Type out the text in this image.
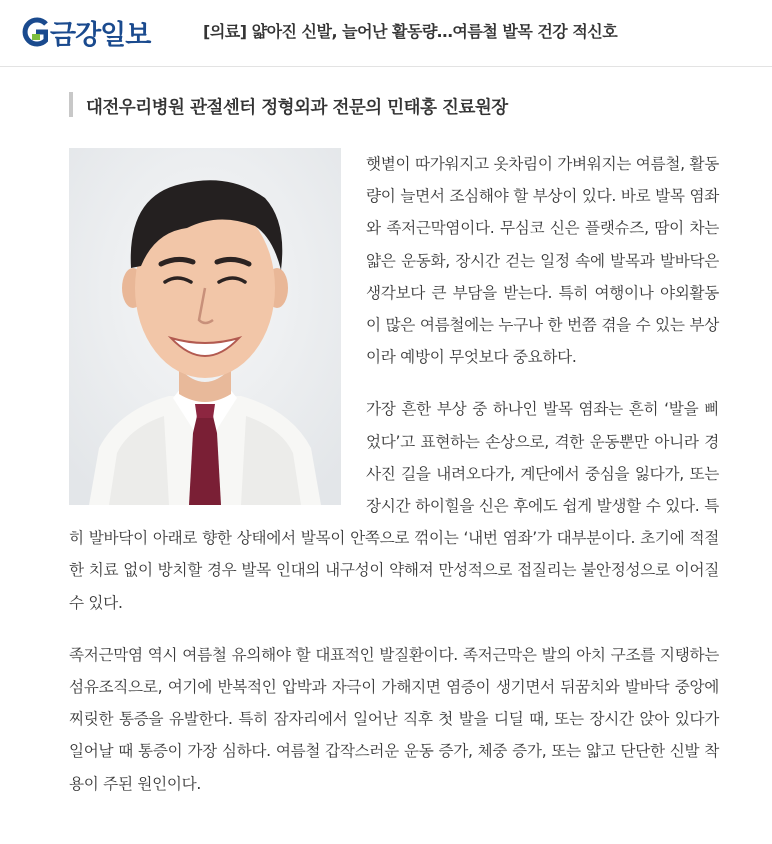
금강일보	[의료] 얇아진 신발, 늘어난 활동량…여름철 발목 건강 적신호
대전우리병원 관절센터 정형외과 전문의 민태홍 진료원장

햇볕이 따가워지고 옷차림이 가벼워지는 여름철, 활동량이 늘면서 조심해야 할 부상이 있다. 바로 발목 염좌와 족저근막염이다. 무심코 신은 플랫슈즈, 땀이 차는 얇은 운동화, 장시간 걷는 일정 속에 발목과 발바닥은 생각보다 큰 부담을 받는다. 특히 여행이나 야외활동이 많은 여름철에는 누구나 한 번쯤 겪을 수 있는 부상이라 예방이 무엇보다 중요하다.

가장 흔한 부상 중 하나인 발목 염좌는 흔히 ‘발을 삐었다’고 표현하는 손상으로, 격한 운동뿐만 아니라 경사진 길을 내려오다가, 계단에서 중심을 잃다가, 또는 장시간 하이힐을 신은 후에도 쉽게 발생할 수 있다. 특히 발바닥이 아래로 향한 상태에서 발목이 안쪽으로 꺾이는 ‘내번 염좌’가 대부분이다. 초기에 적절한 치료 없이 방치할 경우 발목 인대의 내구성이 약해져 만성적으로 접질리는 불안정성으로 이어질 수 있다.

족저근막염 역시 여름철 유의해야 할 대표적인 발질환이다. 족저근막은 발의 아치 구조를 지탱하는 섬유조직으로, 여기에 반복적인 압박과 자극이 가해지면 염증이 생기면서 뒤꿈치와 발바닥 중앙에 찌릿한 통증을 유발한다. 특히 잠자리에서 일어난 직후 첫 발을 디딜 때, 또는 장시간 앉아 있다가 일어날 때 통증이 가장 심하다. 여름철 갑작스러운 운동 증가, 체중 증가, 또는 얇고 단단한 신발 착용이 주된 원인이다.
